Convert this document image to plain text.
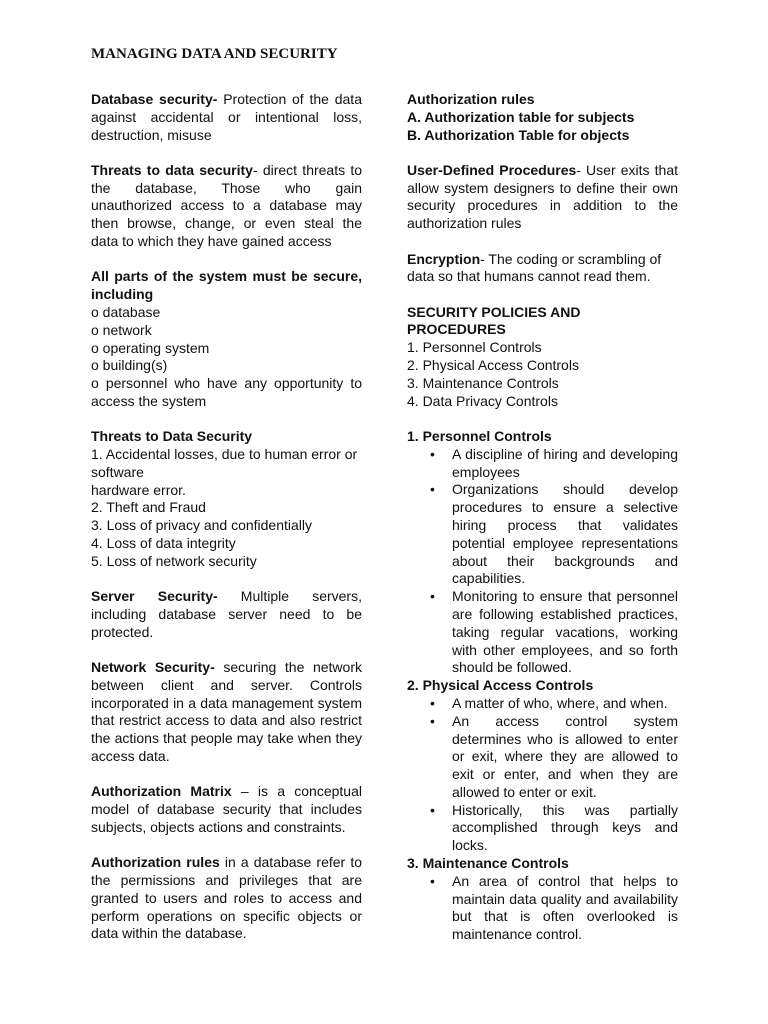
MANAGING DATA AND SECURITY

Database security- Protection of the data against accidental or intentional loss, destruction, misuse

Threats to data security- direct threats to the database, Those who gain unauthorized access to a database may then browse, change, or even steal the data to which they have gained access

All parts of the system must be secure, including

o database
o network
o operating system
o building(s)
o personnel who have any opportunity to access the system

Threats to Data Security

1. Accidental losses, due to human error or software
hardware error.
2. Theft and Fraud
3. Loss of privacy and confidentially
4. Loss of data integrity
5. Loss of network security

Server Security- Multiple servers, including database server need to be protected.

Network Security- securing the network between client and server. Controls incorporated in a data management system that restrict access to data and also restrict the actions that people may take when they access data.

Authorization Matrix – is a conceptual model of database security that includes subjects, objects actions and constraints.

Authorization rules in a database refer to the permissions and privileges that are granted to users and roles to access and perform operations on specific objects or data within the database.

Authorization rules

A. Authorization table for subjects

B. Authorization Table for objects

User-Defined Procedures- User exits that allow system designers to define their own security procedures in addition to the authorization rules

Encryption- The coding or scrambling of data so that humans cannot read them.

SECURITY POLICIES AND PROCEDURES

1. Personnel Controls
2. Physical Access Controls
3. Maintenance Controls
4. Data Privacy Controls

1. Personnel Controls

• A discipline of hiring and developing employees
• Organizations should develop procedures to ensure a selective hiring process that validates potential employee representations about their backgrounds and capabilities.
• Monitoring to ensure that personnel are following established practices, taking regular vacations, working with other employees, and so forth should be followed.

2. Physical Access Controls

• A matter of who, where, and when.
• An access control system determines who is allowed to enter or exit, where they are allowed to exit or enter, and when they are allowed to enter or exit.
• Historically, this was partially accomplished through keys and locks.

3. Maintenance Controls

• An area of control that helps to maintain data quality and availability but that is often overlooked is maintenance control.
